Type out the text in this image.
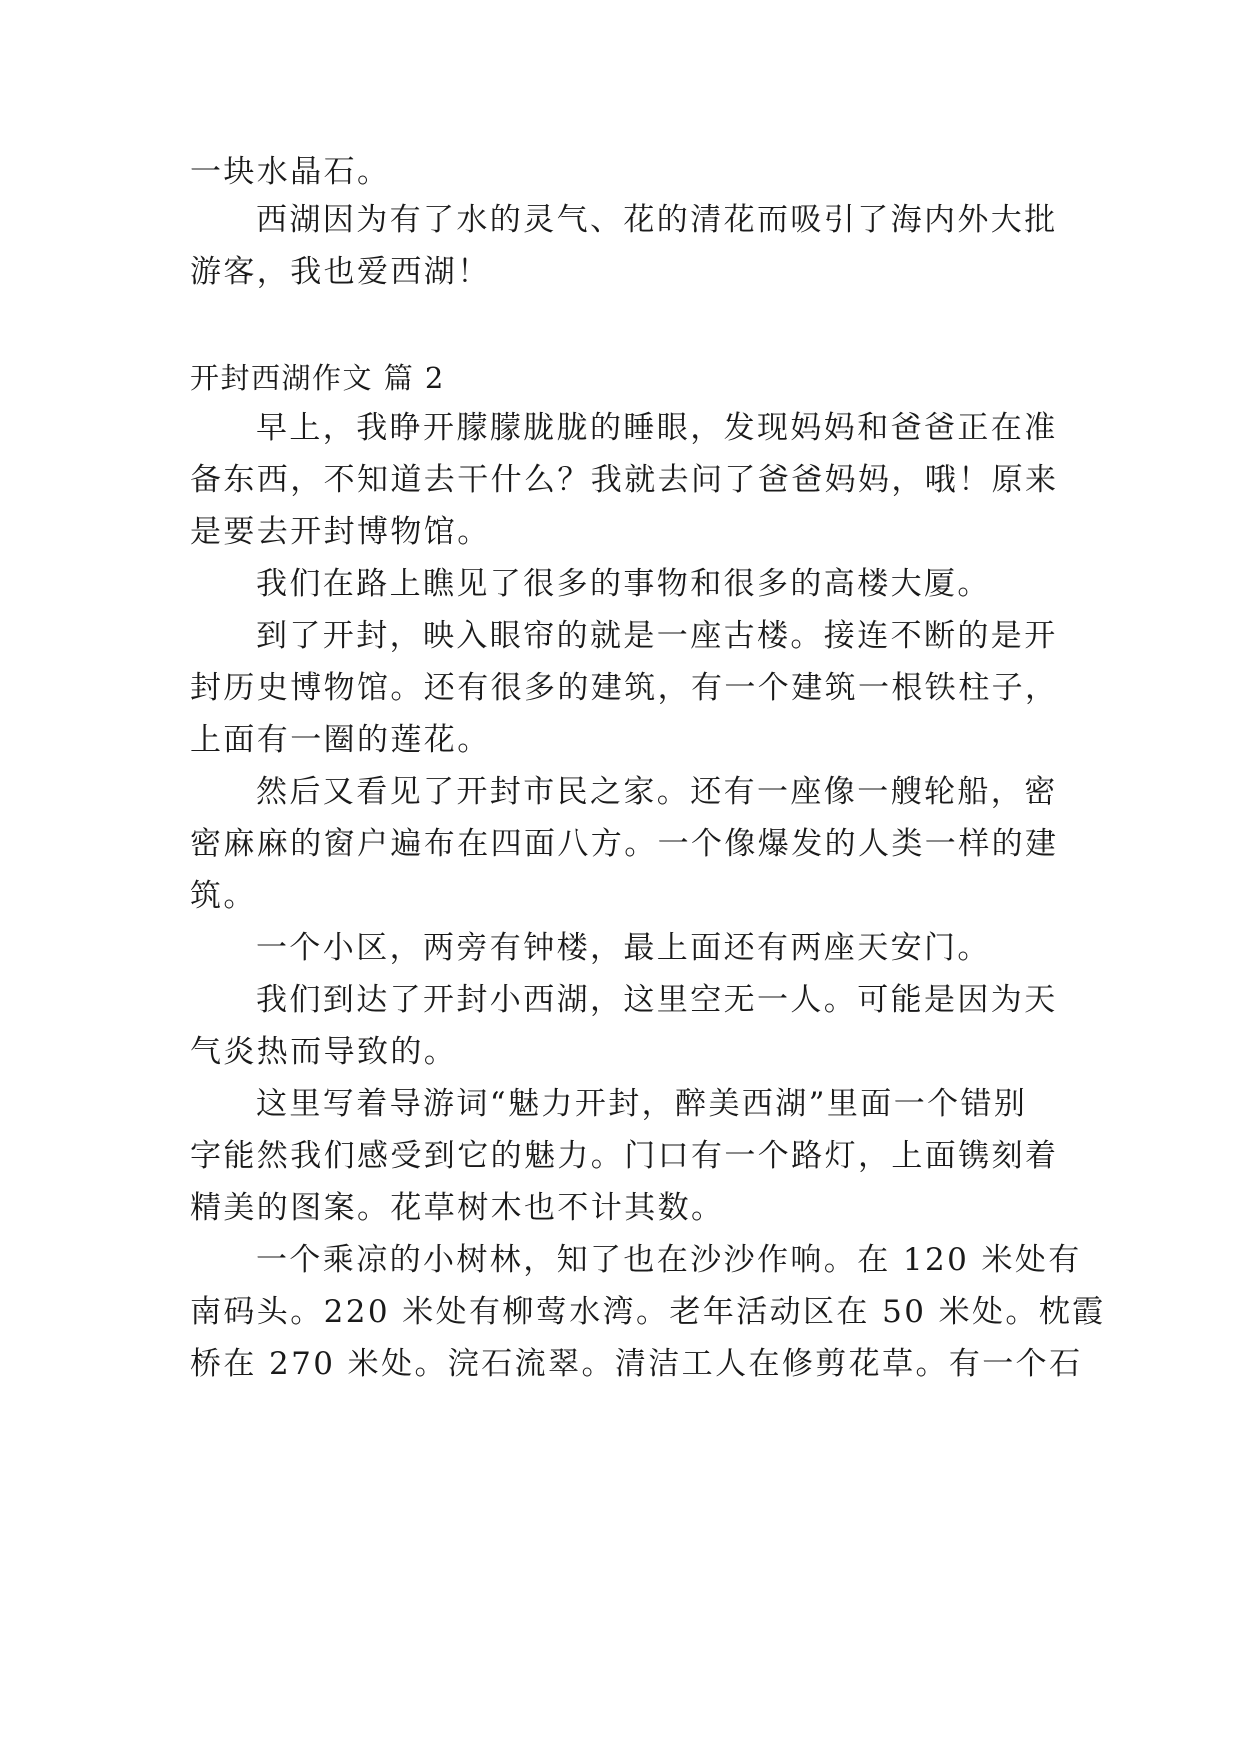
一块水晶石。
西湖因为有了水的灵气、花的清花而吸引了海内外大批
游客，我也爱西湖！
开封西湖作文 篇 2
早上，我睁开朦朦胧胧的睡眼，发现妈妈和爸爸正在准
备东西，不知道去干什么？我就去问了爸爸妈妈，哦！原来
是要去开封博物馆。
我们在路上瞧见了很多的事物和很多的高楼大厦。
到了开封，映入眼帘的就是一座古楼。接连不断的是开
封历史博物馆。还有很多的建筑，有一个建筑一根铁柱子，
上面有一圈的莲花。
然后又看见了开封市民之家。还有一座像一艘轮船，密
密麻麻的窗户遍布在四面八方。一个像爆发的人类一样的建
筑。
一个小区，两旁有钟楼，最上面还有两座天安门。
我们到达了开封小西湖，这里空无一人。可能是因为天
气炎热而导致的。
这里写着导游词“魅力开封，醉美西湖”里面一个错别
字能然我们感受到它的魅力。门口有一个路灯，上面镌刻着
精美的图案。花草树木也不计其数。
一个乘凉的小树林，知了也在沙沙作响。在 120 米处有
南码头。220 米处有柳莺水湾。老年活动区在 50 米处。枕霞
桥在 270 米处。浣石流翠。清洁工人在修剪花草。有一个石
